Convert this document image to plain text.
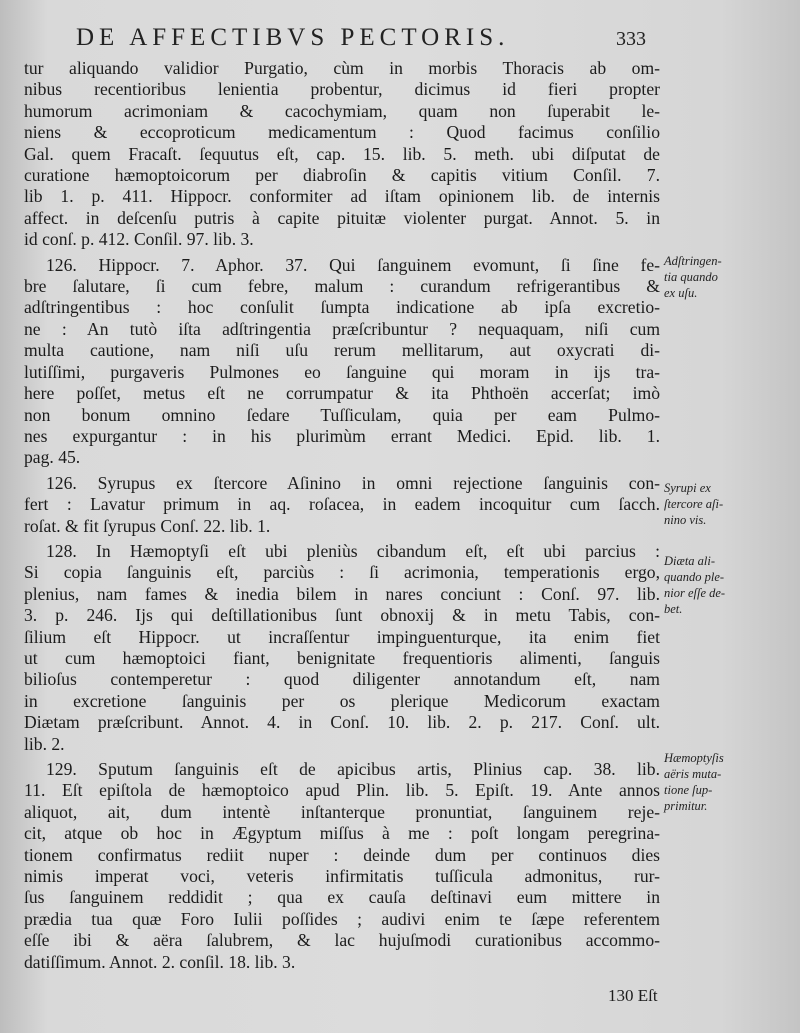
DE AFFECTIBVS PECTORIS.	333
tur aliquando validior Purgatio, cùm in morbis Thoracis ab om-
nibus recentioribus lenientia probentur, dicimus id fieri propter
humorum acrimoniam & cacochymiam, quam non ſuperabit le-
niens & eccoproticum medicamentum : Quod facimus conſilio
Gal. quem Fracaſt. ſequutus eſt, cap. 15. lib. 5. meth. ubi diſputat de
curatione hæmoptoicorum per diabroſin & capitis vitium Conſil. 7.
lib 1. p. 411. Hippocr. conformiter ad iſtam opinionem lib. de internis
affect. in deſcenſu putris à capite pituitæ violenter purgat. Annot. 5. in
id conſ. p. 412. Conſil. 97. lib. 3.
126. Hippocr. 7. Aphor. 37. Qui ſanguinem evomunt, ſi ſine fe-
bre ſalutare, ſi cum febre, malum : curandum refrigerantibus &
adſtringentibus : hoc conſulit ſumpta indicatione ab ipſa excretio-
ne : An tutò iſta adſtringentia præſcribuntur ? nequaquam, niſi cum
multa cautione, nam niſi uſu rerum mellitarum, aut oxycrati di-
lutiſſimi, purgaveris Pulmones eo ſanguine qui moram in ijs tra-
here poſſet, metus eſt ne corrumpatur & ita Phthoën accerſat; imò
non bonum omnino ſedare Tuſſiculam, quia per eam Pulmo-
nes expurgantur : in his plurimùm errant Medici. Epid. lib. 1.
pag. 45.
126. Syrupus ex ſtercore Aſinino in omni rejectione ſanguinis con-
fert : Lavatur primum in aq. roſacea, in eadem incoquitur cum ſacch.
roſat. & fit ſyrupus Conſ. 22. lib. 1.
128. In Hæmoptyſi eſt ubi pleniùs cibandum eſt, eſt ubi parcius :
Si copia ſanguinis eſt, parciùs : ſi acrimonia, temperationis ergo,
plenius, nam fames & inedia bilem in nares conciunt : Conſ. 97. lib.
3. p. 246. Ijs qui deſtillationibus ſunt obnoxij & in metu Tabis, con-
ſilium eſt Hippocr. ut incraſſentur impinguenturque, ita enim fiet
ut cum hæmoptoici fiant, benignitate frequentioris alimenti, ſanguis
bilioſus contemperetur : quod diligenter annotandum eſt, nam
in excretione ſanguinis per os plerique Medicorum exactam
Diætam præſcribunt. Annot. 4. in Conſ. 10. lib. 2. p. 217. Conſ. ult.
lib. 2.
129. Sputum ſanguinis eſt de apicibus artis, Plinius cap. 38. lib.
11. Eſt epiſtola de hæmoptoico apud Plin. lib. 5. Epiſt. 19. Ante annos
aliquot, ait, dum intentè inſtanterque pronuntiat, ſanguinem reje-
cit, atque ob hoc in Ægyptum miſſus à me : poſt longam peregrina-
tionem confirmatus rediit nuper : deinde dum per continuos dies
nimis imperat voci, veteris infirmitatis tuſſicula admonitus, rur-
ſus ſanguinem reddidit ; qua ex cauſa deſtinavi eum mittere in
prædia tua quæ Foro Iulii poſſides ; audivi enim te ſæpe referentem
eſſe ibi & aëra ſalubrem, & lac hujuſmodi curationibus accommo-
datiſſimum. Annot. 2. conſil. 18. lib. 3.
Adſtringen-
tia quando
ex uſu.
Syrupi ex
ſtercore aſi-
nino vis.
Diæta ali-
quando ple-
nior eſſe de-
bet.
Hæmoptyſis
aëris muta-
tione ſup-
primitur.
130 Eſt
